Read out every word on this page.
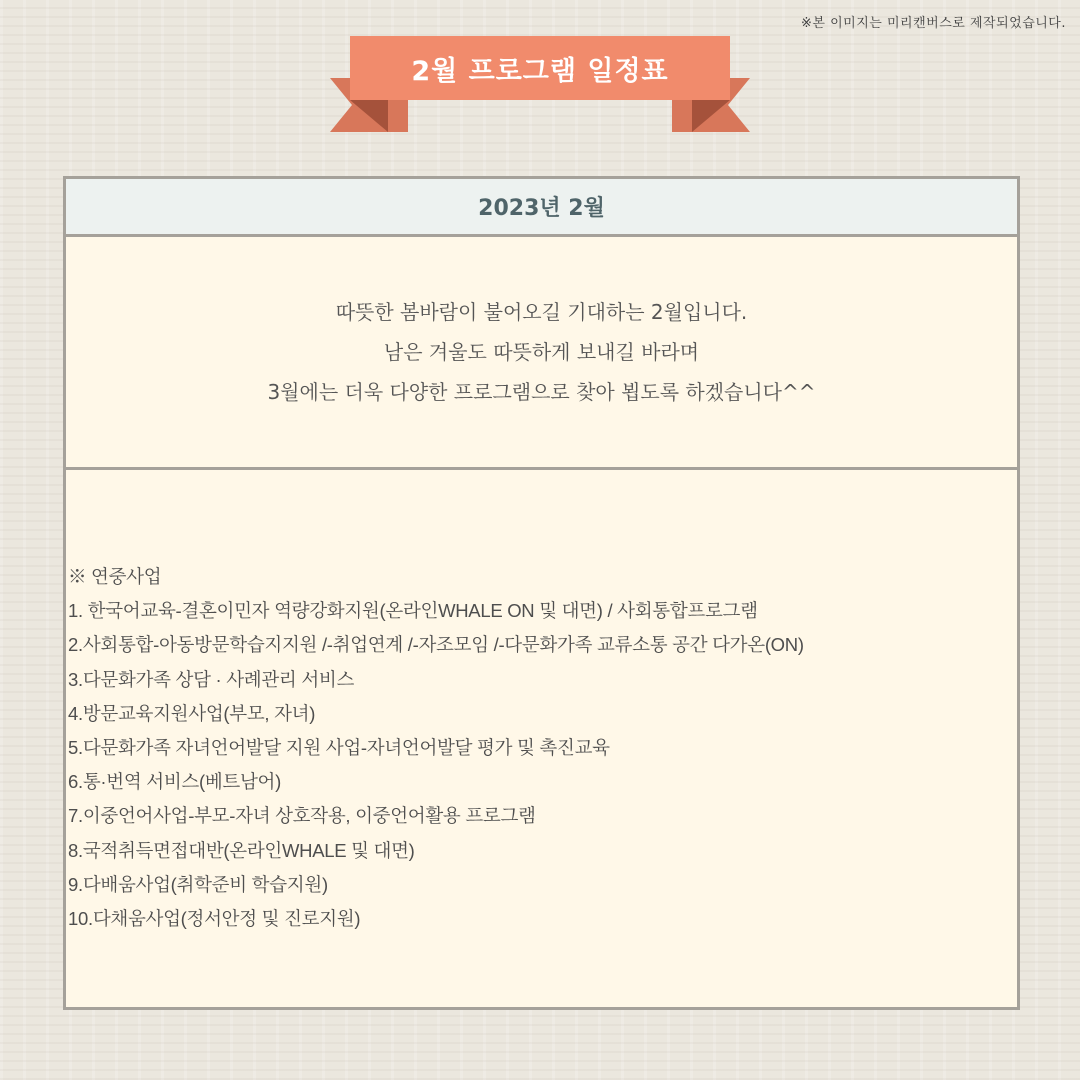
※본 이미지는 미리캔버스로 제작되었습니다.
2월 프로그램 일정표
2023년 2월
따뜻한 봄바람이 불어오길 기대하는 2월입니다.
남은 겨울도 따뜻하게 보내길 바라며
3월에는 더욱 다양한 프로그램으로 찾아 뵙도록 하겠습니다^^
※ 연중사업
1. 한국어교육-결혼이민자 역량강화지원(온라인WHALE ON 및 대면) / 사회통합프로그램
2.사회통합-아동방문학습지지원 /-취업연계 /-자조모임 /-다문화가족 교류소통 공간 다가온(ON)
3.다문화가족 상담 · 사례관리 서비스
4.방문교육지원사업(부모, 자녀)
5.다문화가족 자녀언어발달 지원 사업-자녀언어발달 평가 및 촉진교육
6.통·번역 서비스(베트남어)
7.이중언어사업-부모-자녀 상호작용, 이중언어활용 프로그램
8.국적취득면접대반(온라인WHALE 및 대면)
9.다배움사업(취학준비 학습지원)
10.다채움사업(정서안정 및 진로지원)
